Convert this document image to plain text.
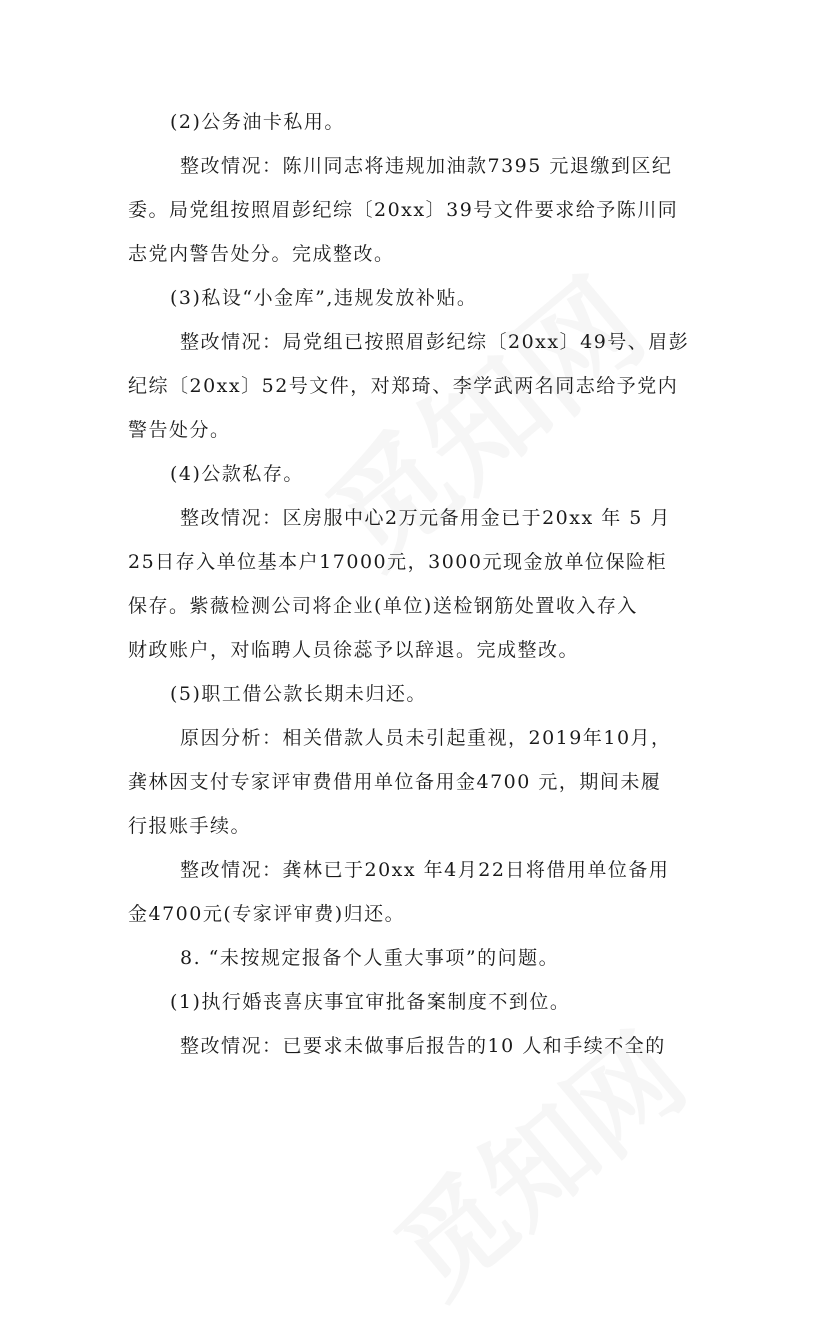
(2)公务油卡私用。

整改情况：陈川同志将违规加油款7395 元退缴到区纪

委。局党组按照眉彭纪综〔20xx〕39号文件要求给予陈川同

志党内警告处分。完成整改。

(3)私设“小金库”,违规发放补贴。

整改情况：局党组已按照眉彭纪综〔20xx〕49号、眉彭

纪综〔20xx〕52号文件，对郑琦、李学武两名同志给予党内

警告处分。

(4)公款私存。

整改情况：区房服中心2万元备用金已于20xx 年 5 月

25日存入单位基本户17000元，3000元现金放单位保险柜

保存。紫薇检测公司将企业(单位)送检钢筋处置收入存入

财政账户，对临聘人员徐蕊予以辞退。完成整改。

(5)职工借公款长期未归还。

原因分析：相关借款人员未引起重视，2019年10月，

龚林因支付专家评审费借用单位备用金4700 元，期间未履

行报账手续。

整改情况：龚林已于20xx 年4月22日将借用单位备用

金4700元(专家评审费)归还。

8. “未按规定报备个人重大事项”的问题。

(1)执行婚丧喜庆事宜审批备案制度不到位。

整改情况：已要求未做事后报告的10 人和手续不全的
